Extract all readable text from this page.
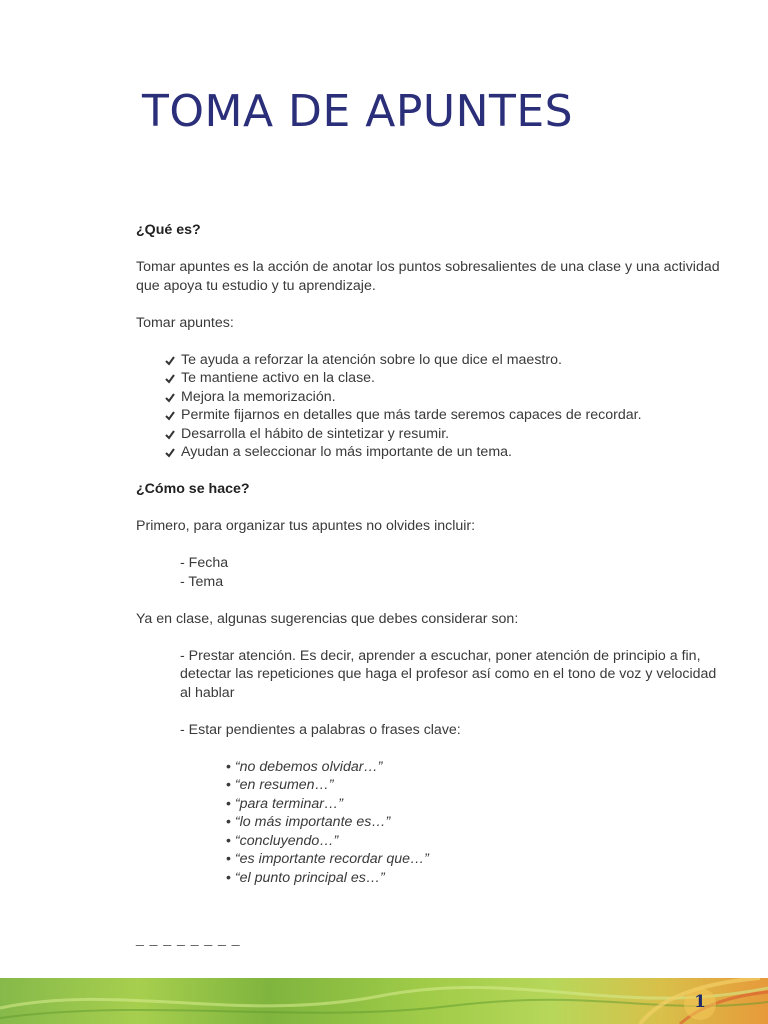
TOMA DE APUNTES
¿Qué es?
Tomar apuntes es la acción de anotar los puntos sobresalientes de una clase y una actividad que apoya tu estudio y tu aprendizaje.
Tomar apuntes:
Te ayuda a reforzar la atención sobre lo que dice el maestro.
Te mantiene activo en la clase.
Mejora la memorización.
Permite fijarnos en detalles que más tarde seremos capaces de recordar.
Desarrolla el hábito de sintetizar y resumir.
Ayudan a seleccionar lo más importante de un tema.
¿Cómo se hace?
Primero, para organizar tus apuntes no olvides incluir:
- Fecha
- Tema
Ya en clase, algunas sugerencias que debes considerar son:
- Prestar atención. Es decir, aprender a escuchar, poner atención de principio a fin, detectar las repeticiones que haga el profesor así como en el tono de voz y velocidad al hablar
- Estar pendientes a palabras o frases clave:
• “no debemos olvidar…”
• “en resumen…”
• “para terminar…”
• “lo más importante es…”
• “concluyendo…”
• “es importante recordar que…”
• “el punto principal es…”
_ _ _ _ _ _ _ _
1
